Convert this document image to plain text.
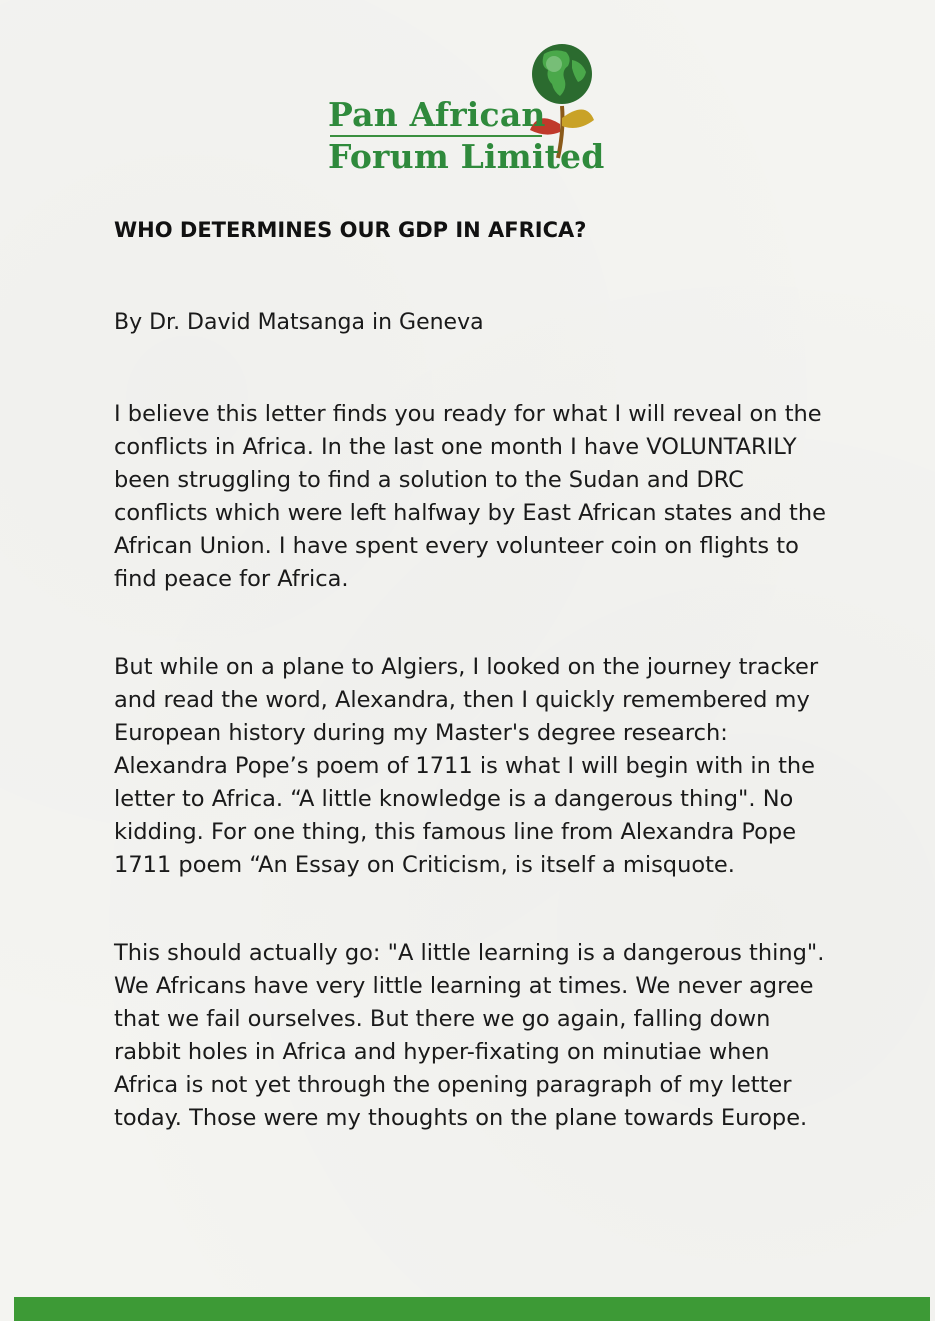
Pan African
Forum Limited
WHO DETERMINES OUR GDP IN AFRICA?
By Dr. David Matsanga in Geneva

I believe this letter finds you ready for what I will reveal on the
conflicts in Africa. In the last one month I have VOLUNTARILY
been struggling to find a solution to the Sudan and DRC
conflicts which were left halfway by East African states and the
African Union. I have spent every volunteer coin on flights to
find peace for Africa.

But while on a plane to Algiers, I looked on the journey tracker
and read the word, Alexandra, then I quickly remembered my
European history during my Master's degree research:
Alexandra Pope’s poem of 1711 is what I will begin with in the
letter to Africa. “A little knowledge is a dangerous thing". No
kidding. For one thing, this famous line from Alexandra Pope
1711 poem “An Essay on Criticism, is itself a misquote.

This should actually go: "A little learning is a dangerous thing".
We Africans have very little learning at times. We never agree
that we fail ourselves. But there we go again, falling down
rabbit holes in Africa and hyper-fixating on minutiae when
Africa is not yet through the opening paragraph of my letter
today. Those were my thoughts on the plane towards Europe.
